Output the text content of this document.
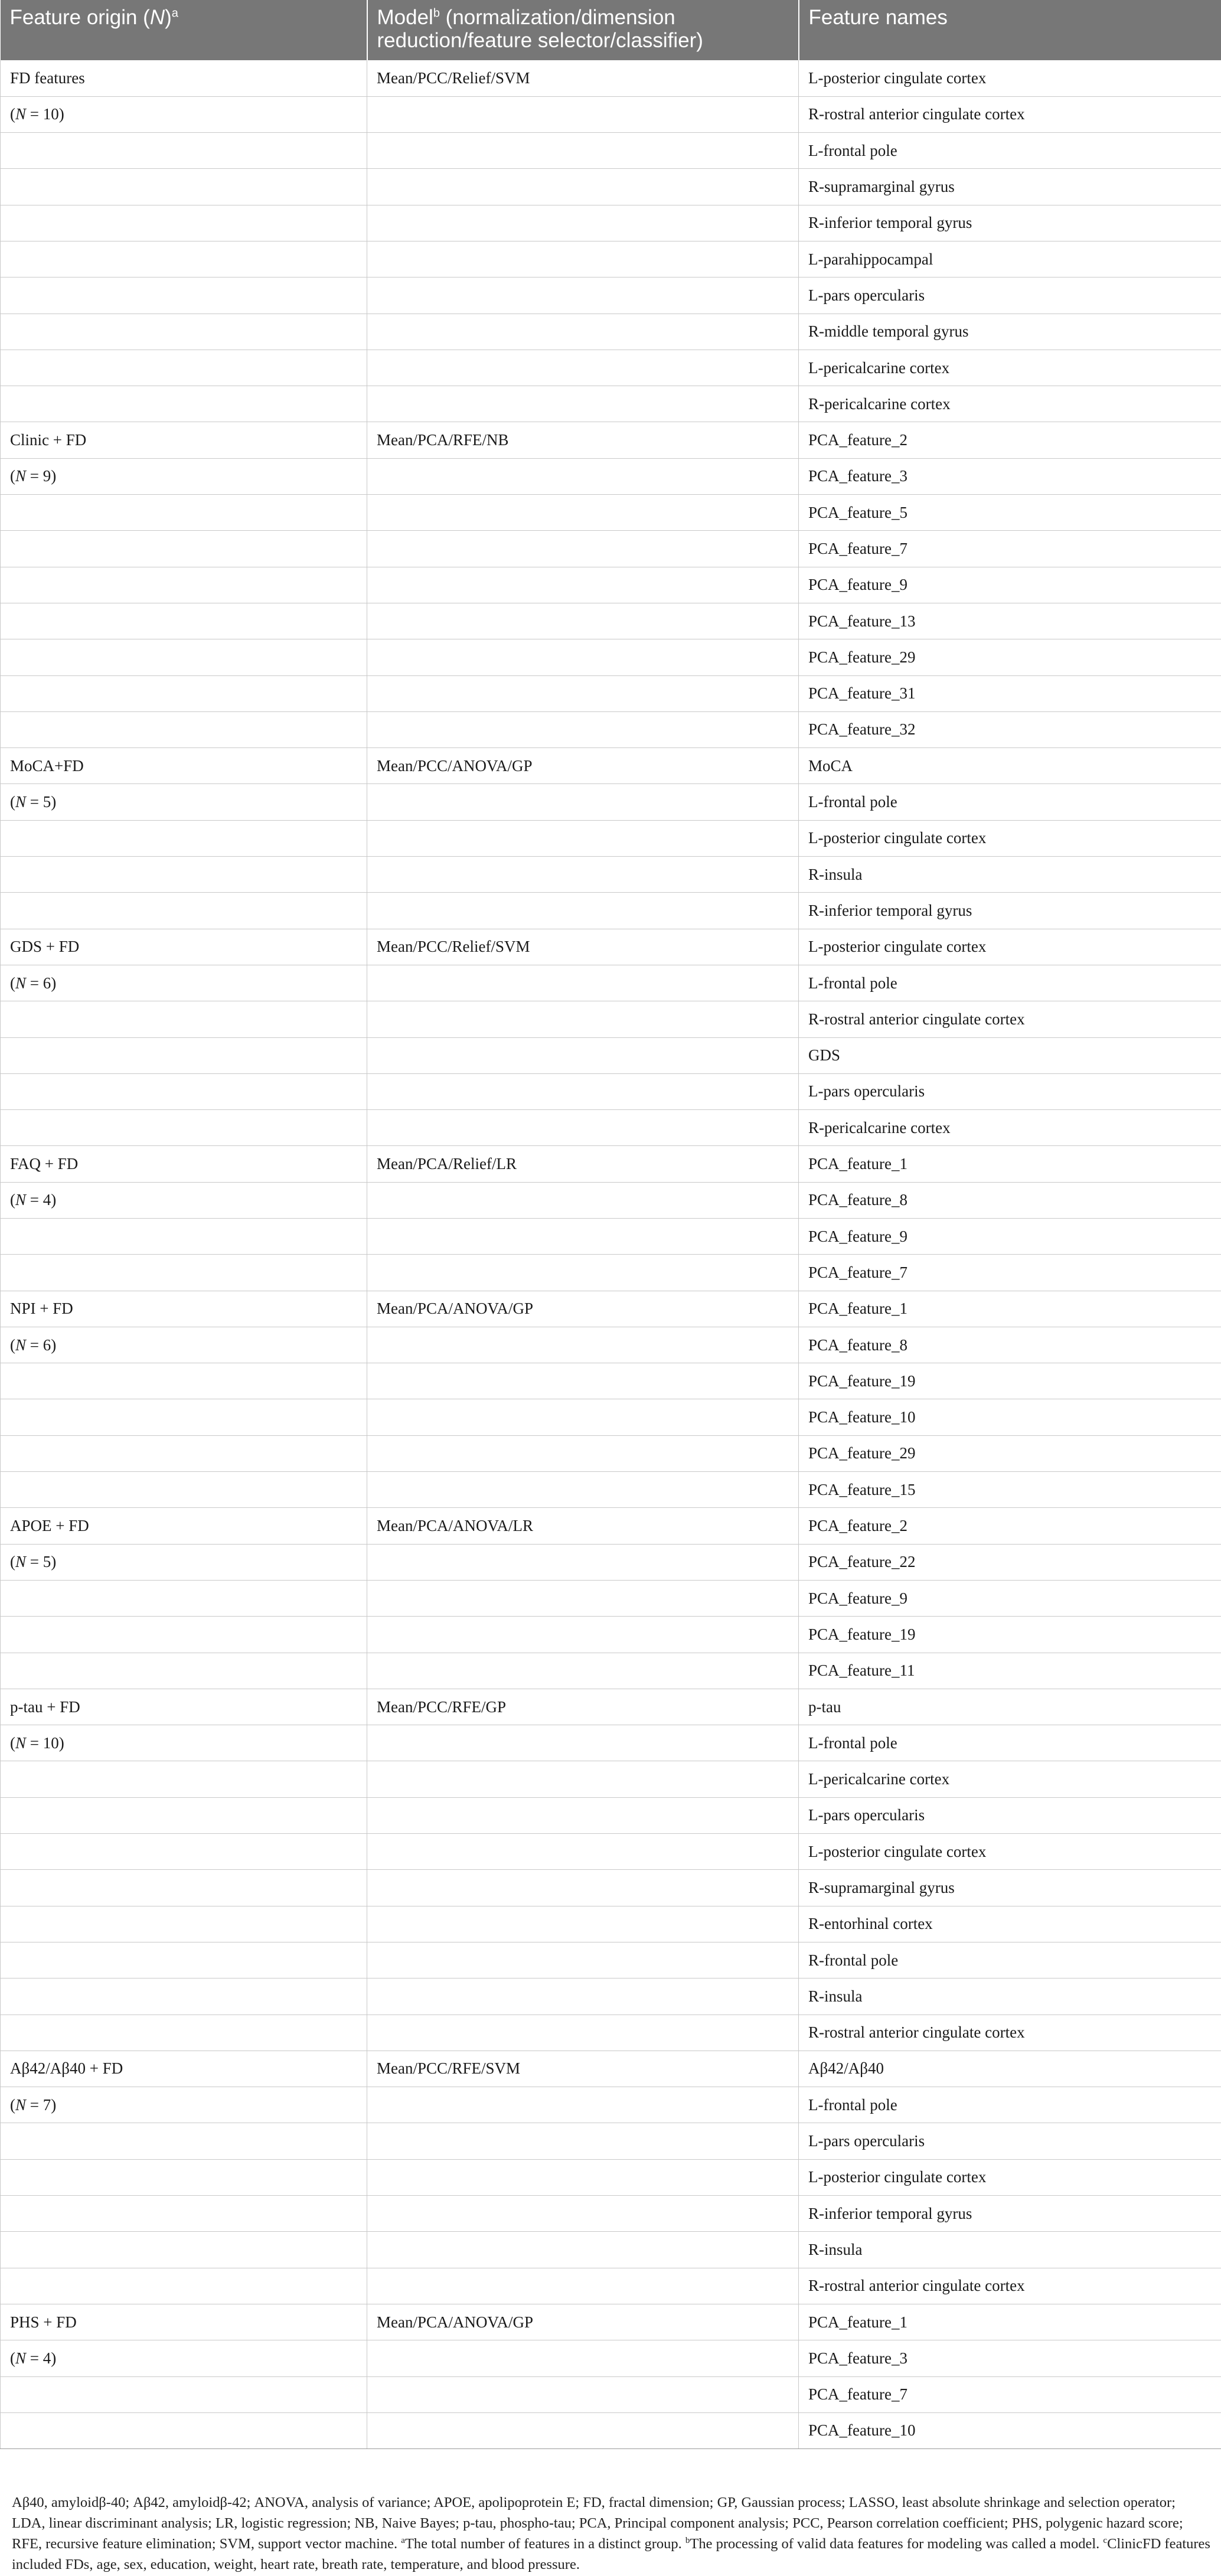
Feature origin $(N)^a$	Model$^b$ (normalization/dimension reduction/feature selector/classifier)	Feature names
FD features	Mean/PCC/Relief/SVM	L-posterior cingulate cortex
(N = 10)		R-rostral anterior cingulate cortex
		L-frontal pole
		R-supramarginal gyrus
		R-inferior temporal gyrus
		L-parahippocampal
		L-pars opercularis
		R-middle temporal gyrus
		L-pericalcarine cortex
		R-pericalcarine cortex
Clinic + FD	Mean/PCA/RFE/NB	PCA_feature_2
(N = 9)		PCA_feature_3
		PCA_feature_5
		PCA_feature_7
		PCA_feature_9
		PCA_feature_13
		PCA_feature_29
		PCA_feature_31
		PCA_feature_32
MoCA+FD	Mean/PCC/ANOVA/GP	MoCA
(N = 5)		L-frontal pole
		L-posterior cingulate cortex
		R-insula
		R-inferior temporal gyrus
GDS + FD	Mean/PCC/Relief/SVM	L-posterior cingulate cortex
(N = 6)		L-frontal pole
		R-rostral anterior cingulate cortex
		GDS
		L-pars opercularis
		R-pericalcarine cortex
FAQ + FD	Mean/PCA/Relief/LR	PCA_feature_1
(N = 4)		PCA_feature_8
		PCA_feature_9
		PCA_feature_7
NPI + FD	Mean/PCA/ANOVA/GP	PCA_feature_1
(N = 6)		PCA_feature_8
		PCA_feature_19
		PCA_feature_10
		PCA_feature_29
		PCA_feature_15
APOE + FD	Mean/PCA/ANOVA/LR	PCA_feature_2
(N = 5)		PCA_feature_22
		PCA_feature_9
		PCA_feature_19
		PCA_feature_11
p-tau + FD	Mean/PCC/RFE/GP	p-tau
(N = 10)		L-frontal pole
		L-pericalcarine cortex
		L-pars opercularis
		L-posterior cingulate cortex
		R-supramarginal gyrus
		R-entorhinal cortex
		R-frontal pole
		R-insula
		R-rostral anterior cingulate cortex
Aβ42/Aβ40 + FD	Mean/PCC/RFE/SVM	Aβ42/Aβ40
(N = 7)		L-frontal pole
		L-pars opercularis
		L-posterior cingulate cortex
		R-inferior temporal gyrus
		R-insula
		R-rostral anterior cingulate cortex
PHS + FD	Mean/PCA/ANOVA/GP	PCA_feature_1
(N = 4)		PCA_feature_3
		PCA_feature_7
		PCA_feature_10
Aβ40, amyloidβ-40; Aβ42, amyloidβ-42; ANOVA, analysis of variance; APOE, apolipoprotein E; FD, fractal dimension; GP, Gaussian process; LASSO, least absolute shrinkage and selection operator; LDA, linear discriminant analysis; LR, logistic regression; NB, Naive Bayes; p-tau, phospho-tau; PCA, Principal component analysis; PCC, Pearson correlation coefficient; PHS, polygenic hazard score; RFE, recursive feature elimination; SVM, support vector machine. $^a$The total number of features in a distinct group. $^b$The processing of valid data features for modeling was called a model. $^c$ClinicFD features included FDs, age, sex, education, weight, heart rate, breath rate, temperature, and blood pressure.
